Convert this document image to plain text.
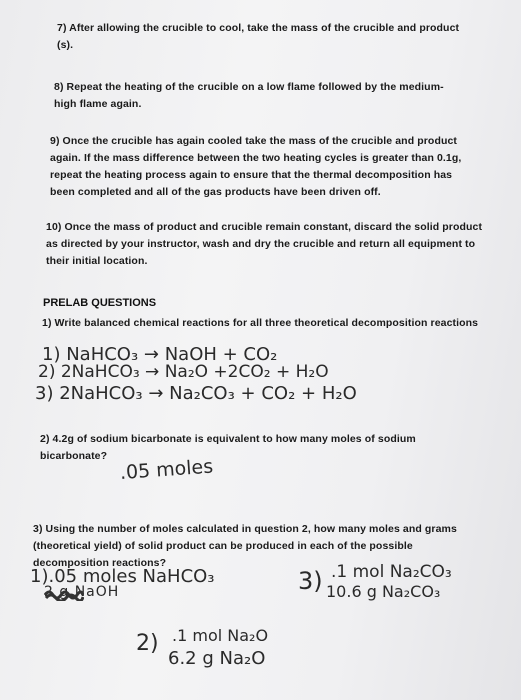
7) After allowing the crucible to cool, take the mass of the crucible and product (s).
8) Repeat the heating of the crucible on a low flame followed by the medium-high flame again.
9) Once the crucible has again cooled take the mass of the crucible and product again. If the mass difference between the two heating cycles is greater than 0.1g, repeat the heating process again to ensure that the thermal decomposition has been completed and all of the gas products have been driven off.
10) Once the mass of product and crucible remain constant, discard the solid product as directed by your instructor, wash and dry the crucible and return all equipment to their initial location.
PRELAB QUESTIONS
1) Write balanced chemical reactions for all three theoretical decomposition reactions
1) NaHCO₃ → NaOH + CO₂
2) 2NaHCO₃ → Na₂O +2CO₂ + H₂O
3) 2NaHCO₃ → Na₂CO₃ + CO₂ + H₂O
2) 4.2g of sodium bicarbonate is equivalent to how many moles of sodium bicarbonate? .05 moles
3) Using the number of moles calculated in question 2, how many moles and grams (theoretical yield) of solid product can be produced in each of the possible decomposition reactions?
1).05 moles NaHCO₃
2 g NaOH
2) .1 mol Na₂O
6.2 g Na₂O
3) .1 mol Na₂CO₃
10.6 g Na₂CO₃
